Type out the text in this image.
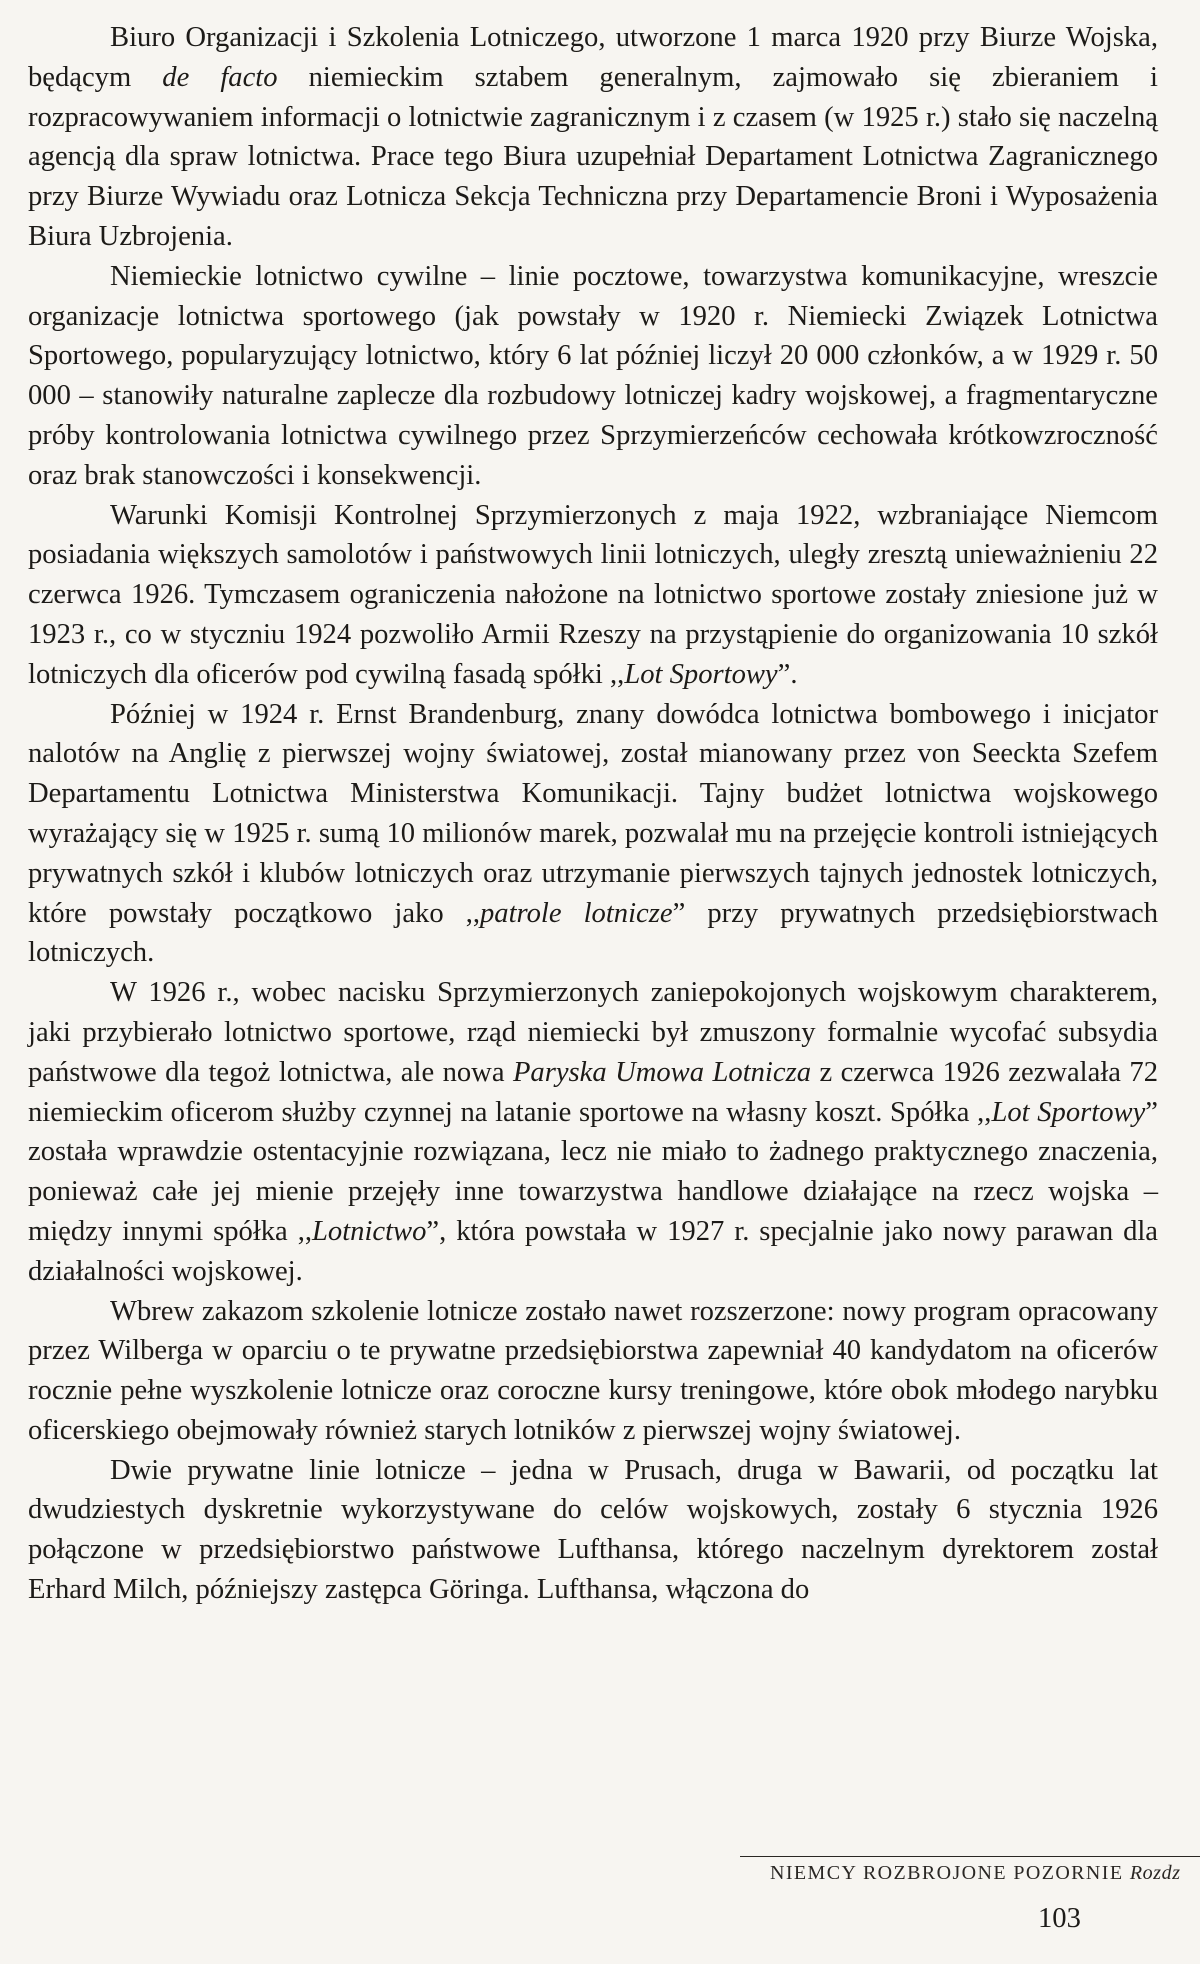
Biuro Organizacji i Szkolenia Lotniczego, utworzone 1 marca 1920 przy Biurze Wojska, będącym de facto niemieckim sztabem generalnym, zajmowało się zbieraniem i rozpracowywaniem informacji o lotnictwie zagranicznym i z czasem (w 1925 r.) stało się naczelną agencją dla spraw lotnictwa. Prace tego Biura uzupełniał Departament Lotnictwa Zagranicznego przy Biurze Wywiadu oraz Lotnicza Sekcja Techniczna przy Departamencie Broni i Wyposażenia Biura Uzbrojenia.

Niemieckie lotnictwo cywilne – linie pocztowe, towarzystwa komunikacyjne, wreszcie organizacje lotnictwa sportowego (jak powstały w 1920 r. Niemiecki Związek Lotnictwa Sportowego, popularyzujący lotnictwo, który 6 lat później liczył 20 000 członków, a w 1929 r. 50 000 – stanowiły naturalne zaplecze dla rozbudowy lotniczej kadry wojskowej, a fragmentaryczne próby kontrolowania lotnictwa cywilnego przez Sprzymierzeńców cechowała krótkowzroczność oraz brak stanowczości i konsekwencji.

Warunki Komisji Kontrolnej Sprzymierzonych z maja 1922, wzbraniające Niemcom posiadania większych samolotów i państwowych linii lotniczych, uległy zresztą unieważnieniu 22 czerwca 1926. Tymczasem ograniczenia nałożone na lotnictwo sportowe zostały zniesione już w 1923 r., co w styczniu 1924 pozwoliło Armii Rzeszy na przystąpienie do organizowania 10 szkół lotniczych dla oficerów pod cywilną fasadą spółki ,,Lot Sportowy”.

Później w 1924 r. Ernst Brandenburg, znany dowódca lotnictwa bombowego i inicjator nalotów na Anglię z pierwszej wojny światowej, został mianowany przez von Seeckta Szefem Departamentu Lotnictwa Ministerstwa Komunikacji. Tajny budżet lotnictwa wojskowego wyrażający się w 1925 r. sumą 10 milionów marek, pozwalał mu na przejęcie kontroli istniejących prywatnych szkół i klubów lotniczych oraz utrzymanie pierwszych tajnych jednostek lotniczych, które powstały początkowo jako ,,patrole lotnicze” przy prywatnych przedsiębiorstwach lotniczych.

W 1926 r., wobec nacisku Sprzymierzonych zaniepokojonych wojskowym charakterem, jaki przybierało lotnictwo sportowe, rząd niemiecki był zmuszony formalnie wycofać subsydia państwowe dla tegoż lotnictwa, ale nowa Paryska Umowa Lotnicza z czerwca 1926 zezwalała 72 niemieckim oficerom służby czynnej na latanie sportowe na własny koszt. Spółka ,,Lot Sportowy” została wprawdzie ostentacyjnie rozwiązana, lecz nie miało to żadnego praktycznego znaczenia, ponieważ całe jej mienie przejęły inne towarzystwa handlowe działające na rzecz wojska – między innymi spółka ,,Lotnictwo”, która powstała w 1927 r. specjalnie jako nowy parawan dla działalności wojskowej.

Wbrew zakazom szkolenie lotnicze zostało nawet rozszerzone: nowy program opracowany przez Wilberga w oparciu o te prywatne przedsiębiorstwa zapewniał 40 kandydatom na oficerów rocznie pełne wyszkolenie lotnicze oraz coroczne kursy treningowe, które obok młodego narybku oficerskiego obejmowały również starych lotników z pierwszej wojny światowej.

Dwie prywatne linie lotnicze – jedna w Prusach, druga w Bawarii, od początku lat dwudziestych dyskretnie wykorzystywane do celów wojskowych, zostały 6 stycznia 1926 połączone w przedsiębiorstwo państwowe Lufthansa, którego naczelnym dyrektorem został Erhard Milch, późniejszy zastępca Göringa. Lufthansa, włączona do

NIEMCY ROZBROJONE POZORNIE Rozdz
103
